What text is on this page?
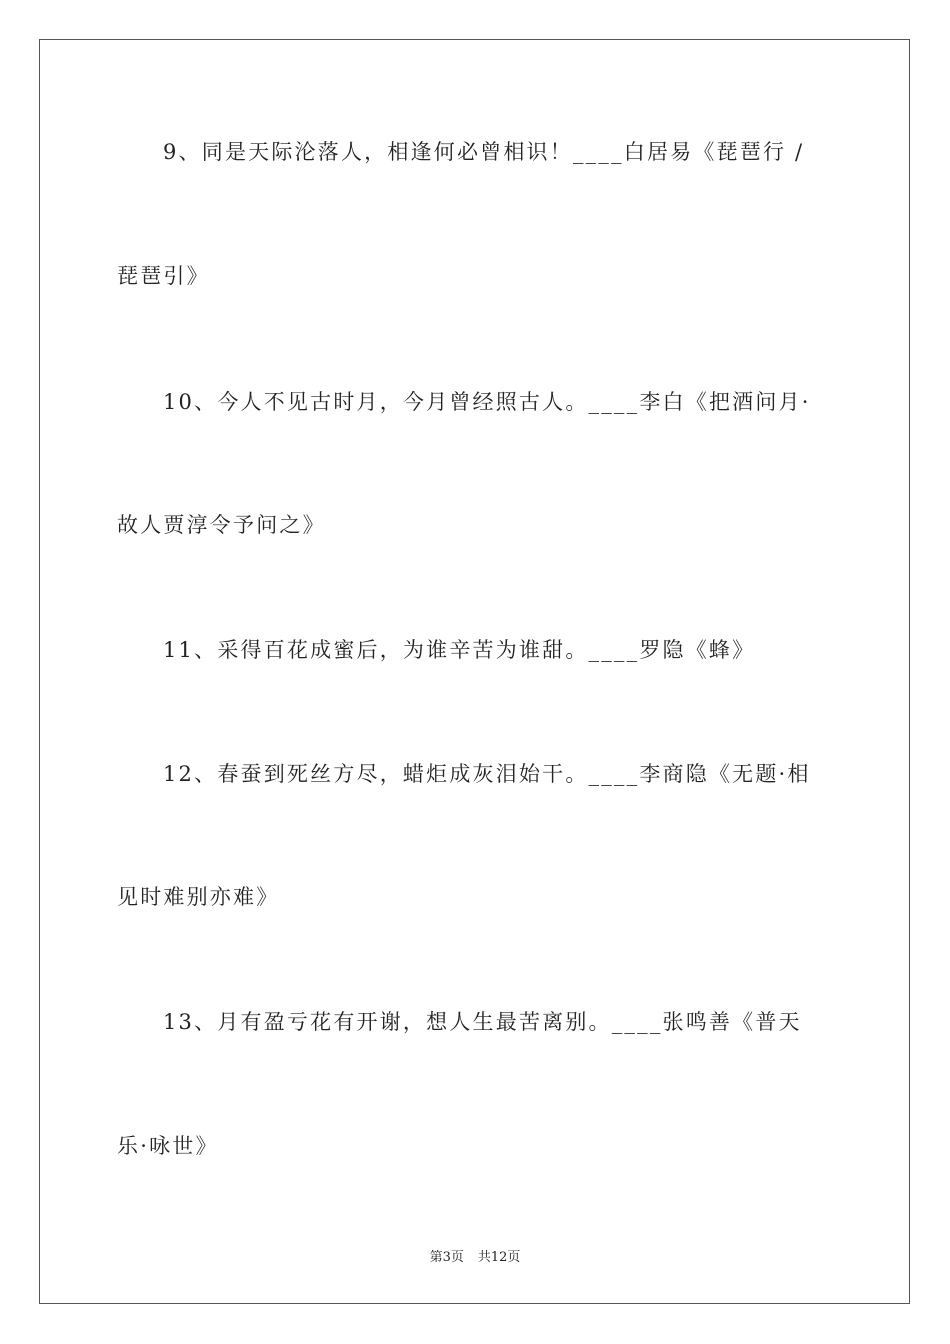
9、同是天际沦落人，相逢何必曾相识！____白居易《琵琶行 /
琵琶引》
10、今人不见古时月，今月曾经照古人。____李白《把酒问月·
故人贾淳令予问之》
11、采得百花成蜜后，为谁辛苦为谁甜。____罗隐《蜂》
12、春蚕到死丝方尽，蜡炬成灰泪始干。____李商隐《无题·相
见时难别亦难》
13、月有盈亏花有开谢，想人生最苦离别。____张鸣善《普天
乐·咏世》
第3页 共12页
